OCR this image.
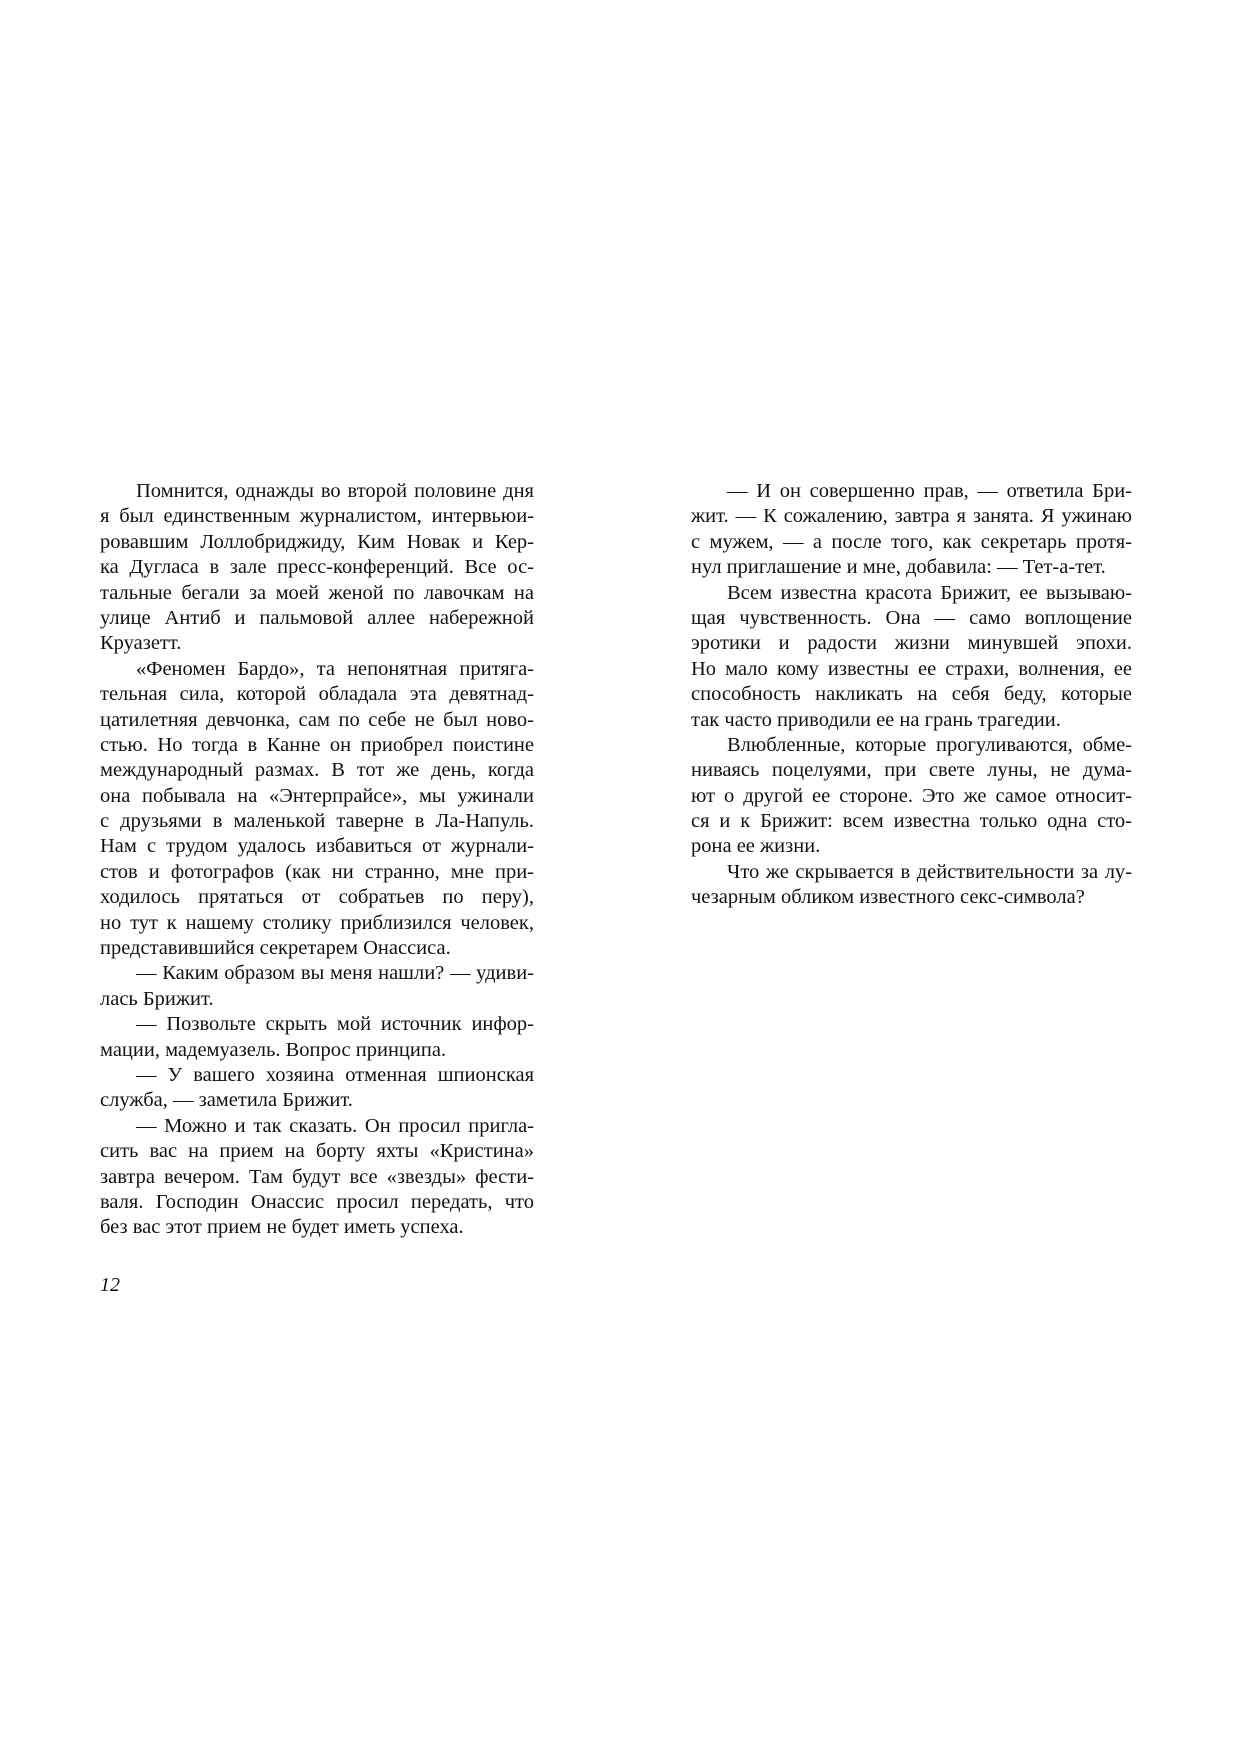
Помнится, однажды во второй половине дня
я был единственным журналистом, интервьюи-
ровавшим Лоллобриджиду, Ким Новак и Кер-
ка Дугласа в зале пресс-конференций. Все ос-
тальные бегали за моей женой по лавочкам на
улице Антиб и пальмовой аллее набережной
Круазетт.
«Феномен Бардо», та непонятная притяга-
тельная сила, которой обладала эта девятнад-
цатилетняя девчонка, сам по себе не был ново-
стью. Но тогда в Канне он приобрел поистине
международный размах. В тот же день, когда
она побывала на «Энтерпрайсе», мы ужинали
с друзьями в маленькой таверне в Ла-Напуль.
Нам с трудом удалось избавиться от журнали-
стов и фотографов (как ни странно, мне при-
ходилось прятаться от собратьев по перу),
но тут к нашему столику приблизился человек,
представившийся секретарем Онассиса.
— Каким образом вы меня нашли? — удиви-
лась Брижит.
— Позвольте скрыть мой источник инфор-
мации, мадемуазель. Вопрос принципа.
— У вашего хозяина отменная шпионская
служба, — заметила Брижит.
— Можно и так сказать. Он просил пригла-
сить вас на прием на борту яхты «Кристина»
завтра вечером. Там будут все «звезды» фести-
валя. Господин Онассис просил передать, что
без вас этот прием не будет иметь успеха.
— И он совершенно прав, — ответила Бри-
жит. — К сожалению, завтра я занята. Я ужинаю
с мужем, — а после того, как секретарь протя-
нул приглашение и мне, добавила: — Тет-а-тет.
Всем известна красота Брижит, ее вызываю-
щая чувственность. Она — само воплощение
эротики и радости жизни минувшей эпохи.
Но мало кому известны ее страхи, волнения, ее
способность накликать на себя беду, которые
так часто приводили ее на грань трагедии.
Влюбленные, которые прогуливаются, обме-
ниваясь поцелуями, при свете луны, не дума-
ют о другой ее стороне. Это же самое относит-
ся и к Брижит: всем известна только одна сто-
рона ее жизни.
Что же скрывается в действительности за лу-
чезарным обликом известного секс-символа?
12
